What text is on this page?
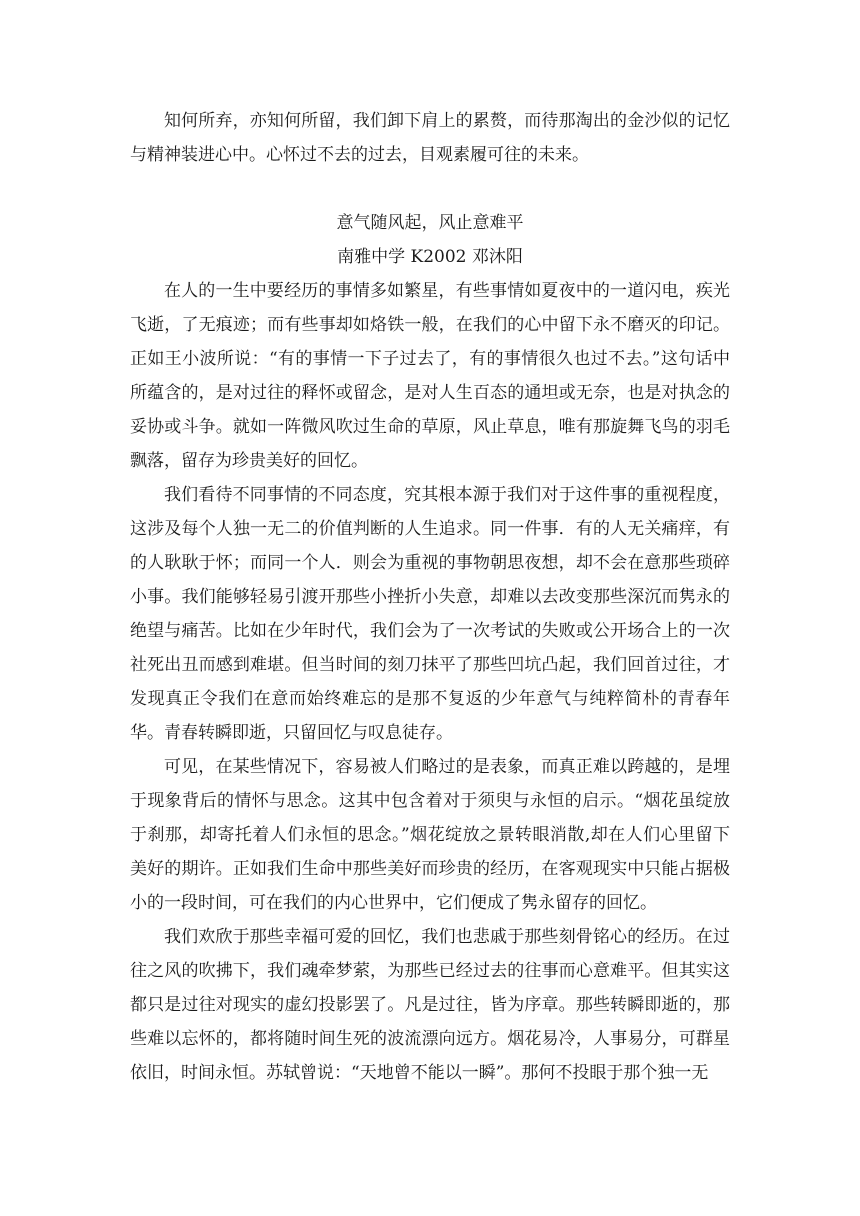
知何所弃，亦知何所留，我们卸下肩上的累赘，而待那淘出的金沙似的记忆与精神装进心中。心怀过不去的过去，目观素履可往的未来。

意气随风起，风止意难平

南雅中学 K2002 邓沐阳

在人的一生中要经历的事情多如繁星，有些事情如夏夜中的一道闪电，疾光飞逝，了无痕迹；而有些事却如烙铁一般，在我们的心中留下永不磨灭的印记。正如王小波所说：“有的事情一下子过去了，有的事情很久也过不去。”这句话中所蕴含的，是对过往的释怀或留念，是对人生百态的通坦或无奈，也是对执念的妥协或斗争。就如一阵微风吹过生命的草原，风止草息，唯有那旋舞飞鸟的羽毛飘落，留存为珍贵美好的回忆。

我们看待不同事情的不同态度，究其根本源于我们对于这件事的重视程度，这涉及每个人独一无二的价值判断的人生追求。同一件事．有的人无关痛痒，有的人耿耿于怀；而同一个人．则会为重视的事物朝思夜想，却不会在意那些琐碎小事。我们能够轻易引渡开那些小挫折小失意，却难以去改变那些深沉而隽永的绝望与痛苦。比如在少年时代，我们会为了一次考试的失败或公开场合上的一次社死出丑而感到难堪。但当时间的刻刀抹平了那些凹坑凸起，我们回首过往，才发现真正令我们在意而始终难忘的是那不复返的少年意气与纯粹简朴的青春年华。青春转瞬即逝，只留回忆与叹息徒存。

可见，在某些情况下，容易被人们略过的是表象，而真正难以跨越的，是埋于现象背后的情怀与思念。这其中包含着对于须臾与永恒的启示。“烟花虽绽放于刹那，却寄托着人们永恒的思念。”烟花绽放之景转眼消散,却在人们心里留下美好的期许。正如我们生命中那些美好而珍贵的经历，在客观现实中只能占据极小的一段时间，可在我们的内心世界中，它们便成了隽永留存的回忆。

我们欢欣于那些幸福可爱的回忆，我们也悲戚于那些刻骨铭心的经历。在过往之风的吹拂下，我们魂牵梦萦，为那些已经过去的往事而心意难平。但其实这都只是过往对现实的虚幻投影罢了。凡是过往，皆为序章。那些转瞬即逝的，那些难以忘怀的，都将随时间生死的波流漂向远方。烟花易冷，人事易分，可群星依旧，时间永恒。苏轼曾说：“天地曾不能以一瞬”。那何不投眼于那个独一无
